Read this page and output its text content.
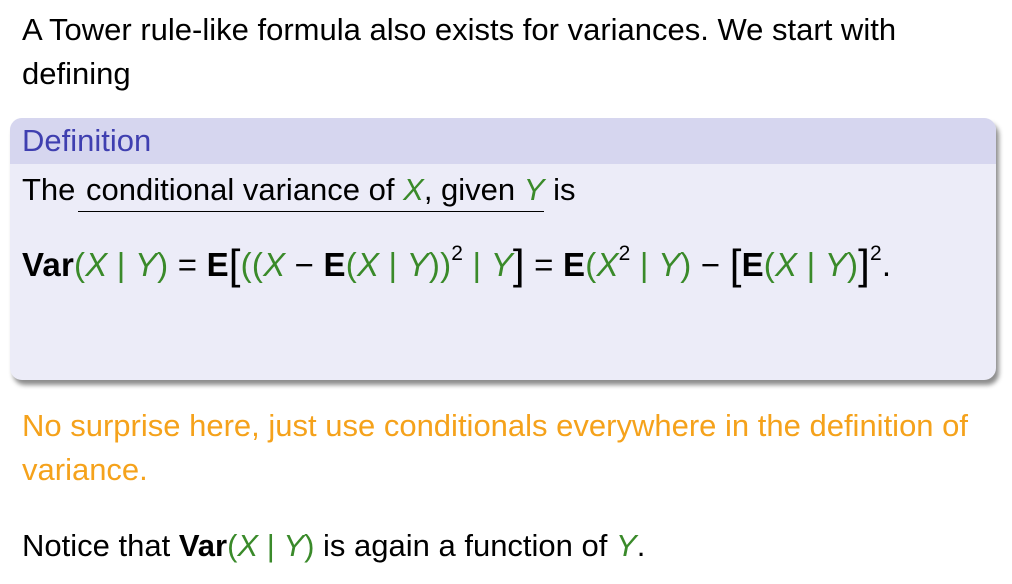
A Tower rule-like formula also exists for variances. We start with defining
Definition
The conditional variance of X, given Y is
Var(X | Y) = E[((X − E(X | Y))$^2$ | $Y] = E(X^2$ | Y) − [E(X | Y)]$^2$.
No surprise here, just use conditionals everywhere in the definition of variance.
Notice that Var(X | Y) is again a function of Y.
